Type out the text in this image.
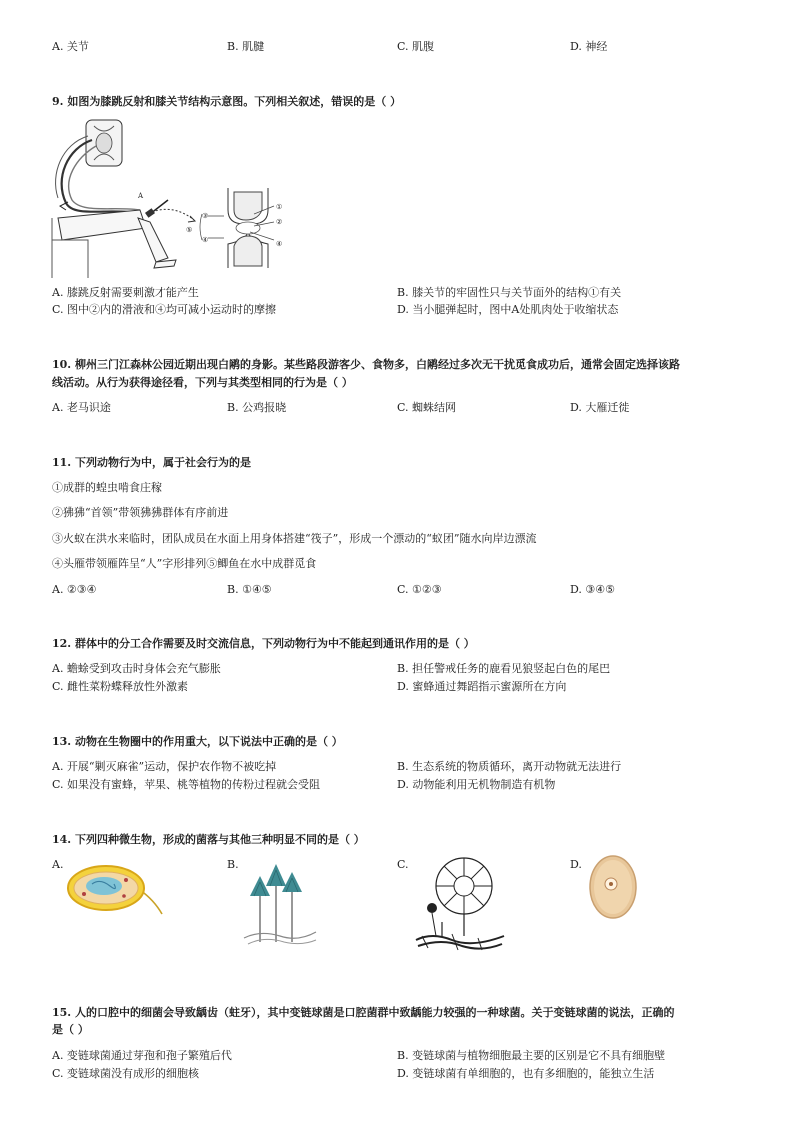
A. 关节	B. 肌腱	C. 肌腹	D. 神经
9. 如图为膝跳反射和膝关节结构示意图。下列相关叙述，错误的是（ ）
A
③
④
⑤
①
②
④
A. 膝跳反射需要刺激才能产生	B. 膝关节的牢固性只与关节面外的结构①有关
C. 图中②内的滑液和④均可减小运动时的摩擦	D. 当小腿弹起时，图中A处肌肉处于收缩状态
10. 柳州三门江森林公园近期出现白鹇的身影。某些路段游客少、食物多，白鹇经过多次无干扰觅食成功后，通常会固定选择该路
线活动。从行为获得途径看，下列与其类型相同的行为是（ ）
A. 老马识途	B. 公鸡报晓	C. 蜘蛛结网	D. 大雁迁徙
11. 下列动物行为中，属于社会行为的是
①成群的蝗虫啃食庄稼
②狒狒“首领”带领狒狒群体有序前进
③火蚁在洪水来临时，团队成员在水面上用身体搭建“筏子”，形成一个漂动的“蚁团”随水向岸边漂流
④头雁带领雁阵呈“人”字形排列⑤鲫鱼在水中成群觅食
A. ②③④	B. ①④⑤	C. ①②③	D. ③④⑤
12. 群体中的分工合作需要及时交流信息，下列动物行为中不能起到通讯作用的是（ ）
A. 蟾蜍受到攻击时身体会充气膨胀	B. 担任警戒任务的鹿看见狼竖起白色的尾巴
C. 雌性菜粉蝶释放性外激素	D. 蜜蜂通过舞蹈指示蜜源所在方向
13. 动物在生物圈中的作用重大，以下说法中正确的是（ ）
A. 开展“剿灭麻雀”运动，保护农作物不被吃掉	B. 生态系统的物质循环，离开动物就无法进行
C. 如果没有蜜蜂，苹果、桃等植物的传粉过程就会受阻	D. 动物能利用无机物制造有机物
14. 下列四种微生物，形成的菌落与其他三种明显不同的是（ ）
A.	B.	C.	D.
15. 人的口腔中的细菌会导致龋齿（蛀牙），其中变链球菌是口腔菌群中致龋能力较强的一种球菌。关于变链球菌的说法，正确的
是（ ）
A. 变链球菌通过芽孢和孢子繁殖后代	B. 变链球菌与植物细胞最主要的区别是它不具有细胞壁
C. 变链球菌没有成形的细胞核	D. 变链球菌有单细胞的，也有多细胞的，能独立生活
